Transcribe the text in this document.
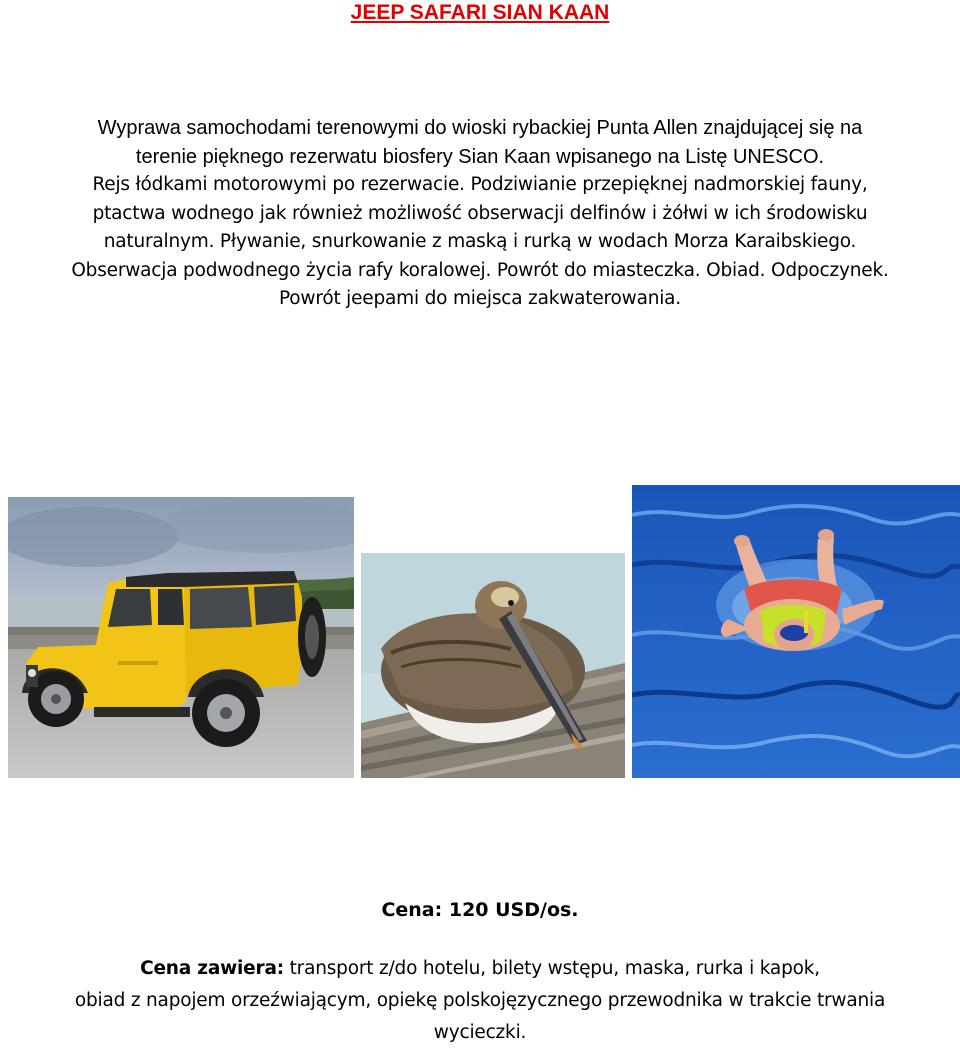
JEEP SAFARI SIAN KAAN
Wyprawa samochodami terenowymi do wioski rybackiej Punta Allen znajdującej się na
terenie pięknego rezerwatu biosfery Sian Kaan wpisanego na Listę UNESCO.
Rejs łódkami motorowymi po rezerwacie. Podziwianie przepięknej nadmorskiej fauny,
ptactwa wodnego jak również możliwość obserwacji delfinów i żółwi w ich środowisku
naturalnym. Pływanie, snurkowanie z maską i rurką w wodach Morza Karaibskiego.
Obserwacja podwodnego życia rafy koralowej. Powrót do miasteczka. Obiad. Odpoczynek.
Powrót jeepami do miejsca zakwaterowania.
Cena: 120 USD/os.
Cena zawiera: transport z/do hotelu, bilety wstępu, maska, rurka i kapok,
obiad z napojem orzeźwiającym, opiekę polskojęzycznego przewodnika w trakcie trwania
wycieczki.
